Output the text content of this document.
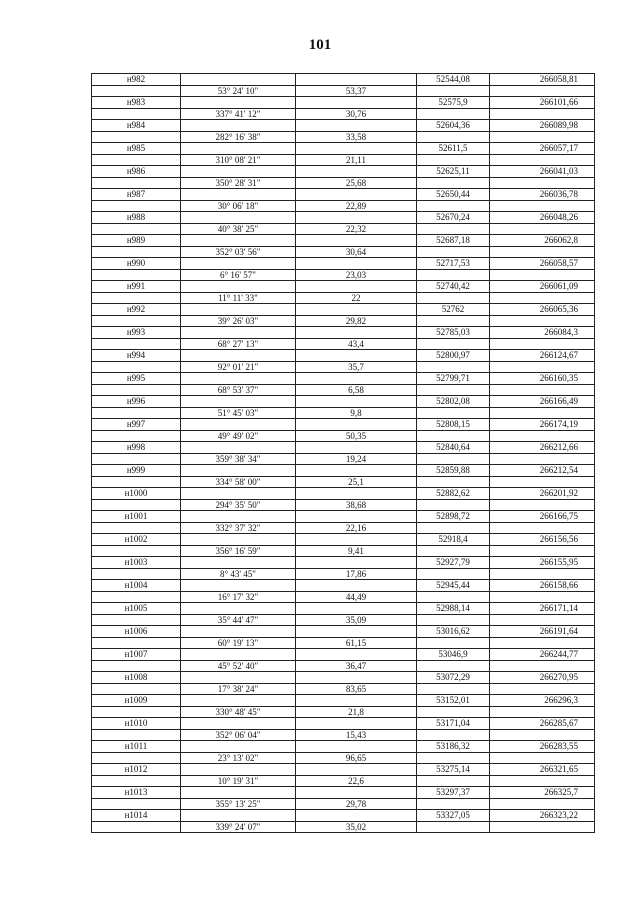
101
н982			52544,08	266058,81
	53° 24' 10"	53,37		
н983			52575,9	266101,66
	337° 41' 12"	30,76		
н984			52604,36	266089,98
	282° 16' 38"	33,58		
н985			52611,5	266057,17
	310° 08' 21"	21,11		
н986			52625,11	266041,03
	350° 28' 31"	25,68		
н987			52650,44	266036,78
	30° 06' 18"	22,89		
н988			52670,24	266048,26
	40° 38' 25"	22,32		
н989			52687,18	266062,8
	352° 03' 56"	30,64		
н990			52717,53	266058,57
	6° 16' 57"	23,03		
н991			52740,42	266061,09
	11° 11' 33"	22		
н992			52762	266065,36
	39° 26' 03"	29,82		
н993			52785,03	266084,3
	68° 27' 13"	43,4		
н994			52800,97	266124,67
	92° 01' 21"	35,7		
н995			52799,71	266160,35
	68° 53' 37"	6,58		
н996			52802,08	266166,49
	51° 45' 03"	9,8		
н997			52808,15	266174,19
	49° 49' 02"	50,35		
н998			52840,64	266212,66
	359° 38' 34"	19,24		
н999			52859,88	266212,54
	334° 58' 00"	25,1		
н1000			52882,62	266201,92
	294° 35' 50"	38,68		
н1001			52898,72	266166,75
	332° 37' 32"	22,16		
н1002			52918,4	266156,56
	356° 16' 59"	9,41		
н1003			52927,79	266155,95
	8° 43' 45"	17,86		
н1004			52945,44	266158,66
	16° 17' 32"	44,49		
н1005			52988,14	266171,14
	35° 44' 47"	35,09		
н1006			53016,62	266191,64
	60° 19' 13"	61,15		
н1007			53046,9	266244,77
	45° 52' 40"	36,47		
н1008			53072,29	266270,95
	17° 38' 24"	83,65		
н1009			53152,01	266296,3
	330° 48' 45"	21,8		
н1010			53171,04	266285,67
	352° 06' 04"	15,43		
н1011			53186,32	266283,55
	23° 13' 02"	96,65		
н1012			53275,14	266321,65
	10° 19' 31"	22,6		
н1013			53297,37	266325,7
	355° 13' 25"	29,78		
н1014			53327,05	266323,22
	339° 24' 07"	35,02		
